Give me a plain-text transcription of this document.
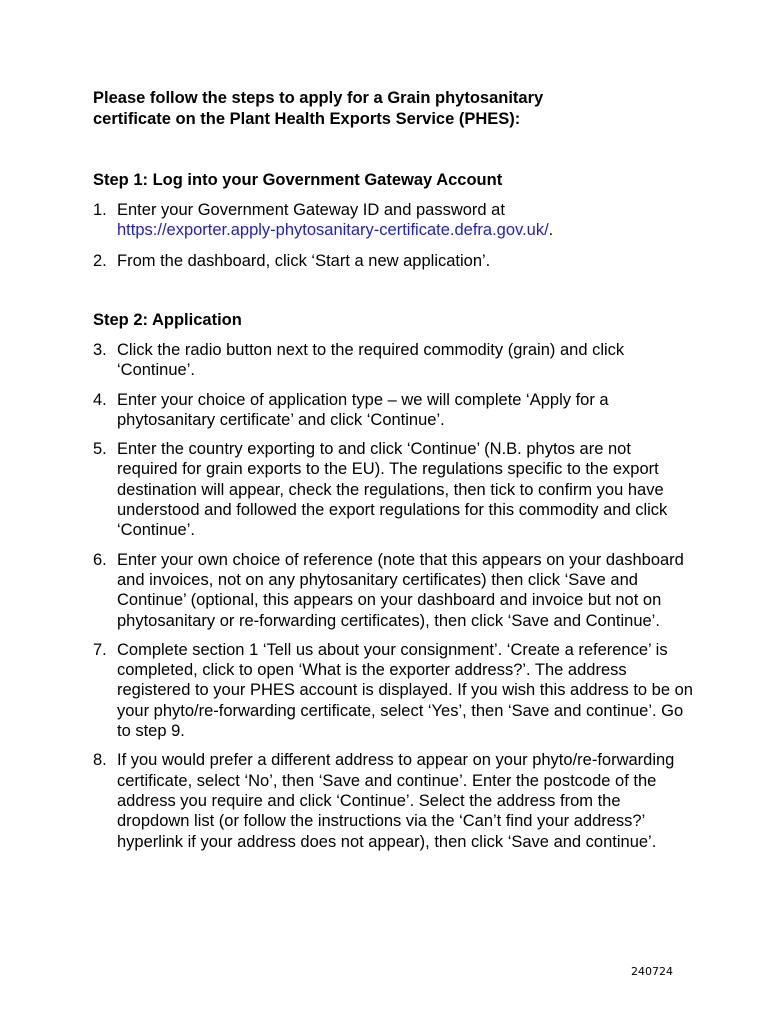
Please follow the steps to apply for a Grain phytosanitary
certificate on the Plant Health Exports Service (PHES):
Step 1: Log into your Government Gateway Account
1. Enter your Government Gateway ID and password at
https://exporter.apply-phytosanitary-certificate.defra.gov.uk/.
2. From the dashboard, click ‘Start a new application’.
Step 2: Application
3. Click the radio button next to the required commodity (grain) and click ‘Continue’.
4. Enter your choice of application type – we will complete ‘Apply for a phytosanitary certificate’ and click ‘Continue’.
5. Enter the country exporting to and click ‘Continue’ (N.B. phytos are not required for grain exports to the EU). The regulations specific to the export destination will appear, check the regulations, then tick to confirm you have understood and followed the export regulations for this commodity and click ‘Continue’.
6. Enter your own choice of reference (note that this appears on your dashboard and invoices, not on any phytosanitary certificates) then click ‘Save and Continue’ (optional, this appears on your dashboard and invoice but not on phytosanitary or re-forwarding certificates), then click ‘Save and Continue’.
7. Complete section 1 ‘Tell us about your consignment’. ‘Create a reference’ is completed, click to open ‘What is the exporter address?’. The address registered to your PHES account is displayed. If you wish this address to be on your phyto/re-forwarding certificate, select ‘Yes’, then ‘Save and continue’. Go to step 9.
8. If you would prefer a different address to appear on your phyto/re-forwarding certificate, select ‘No’, then ‘Save and continue’. Enter the postcode of the address you require and click ‘Continue’. Select the address from the dropdown list (or follow the instructions via the ‘Can’t find your address?’ hyperlink if your address does not appear), then click ‘Save and continue’.
240724
